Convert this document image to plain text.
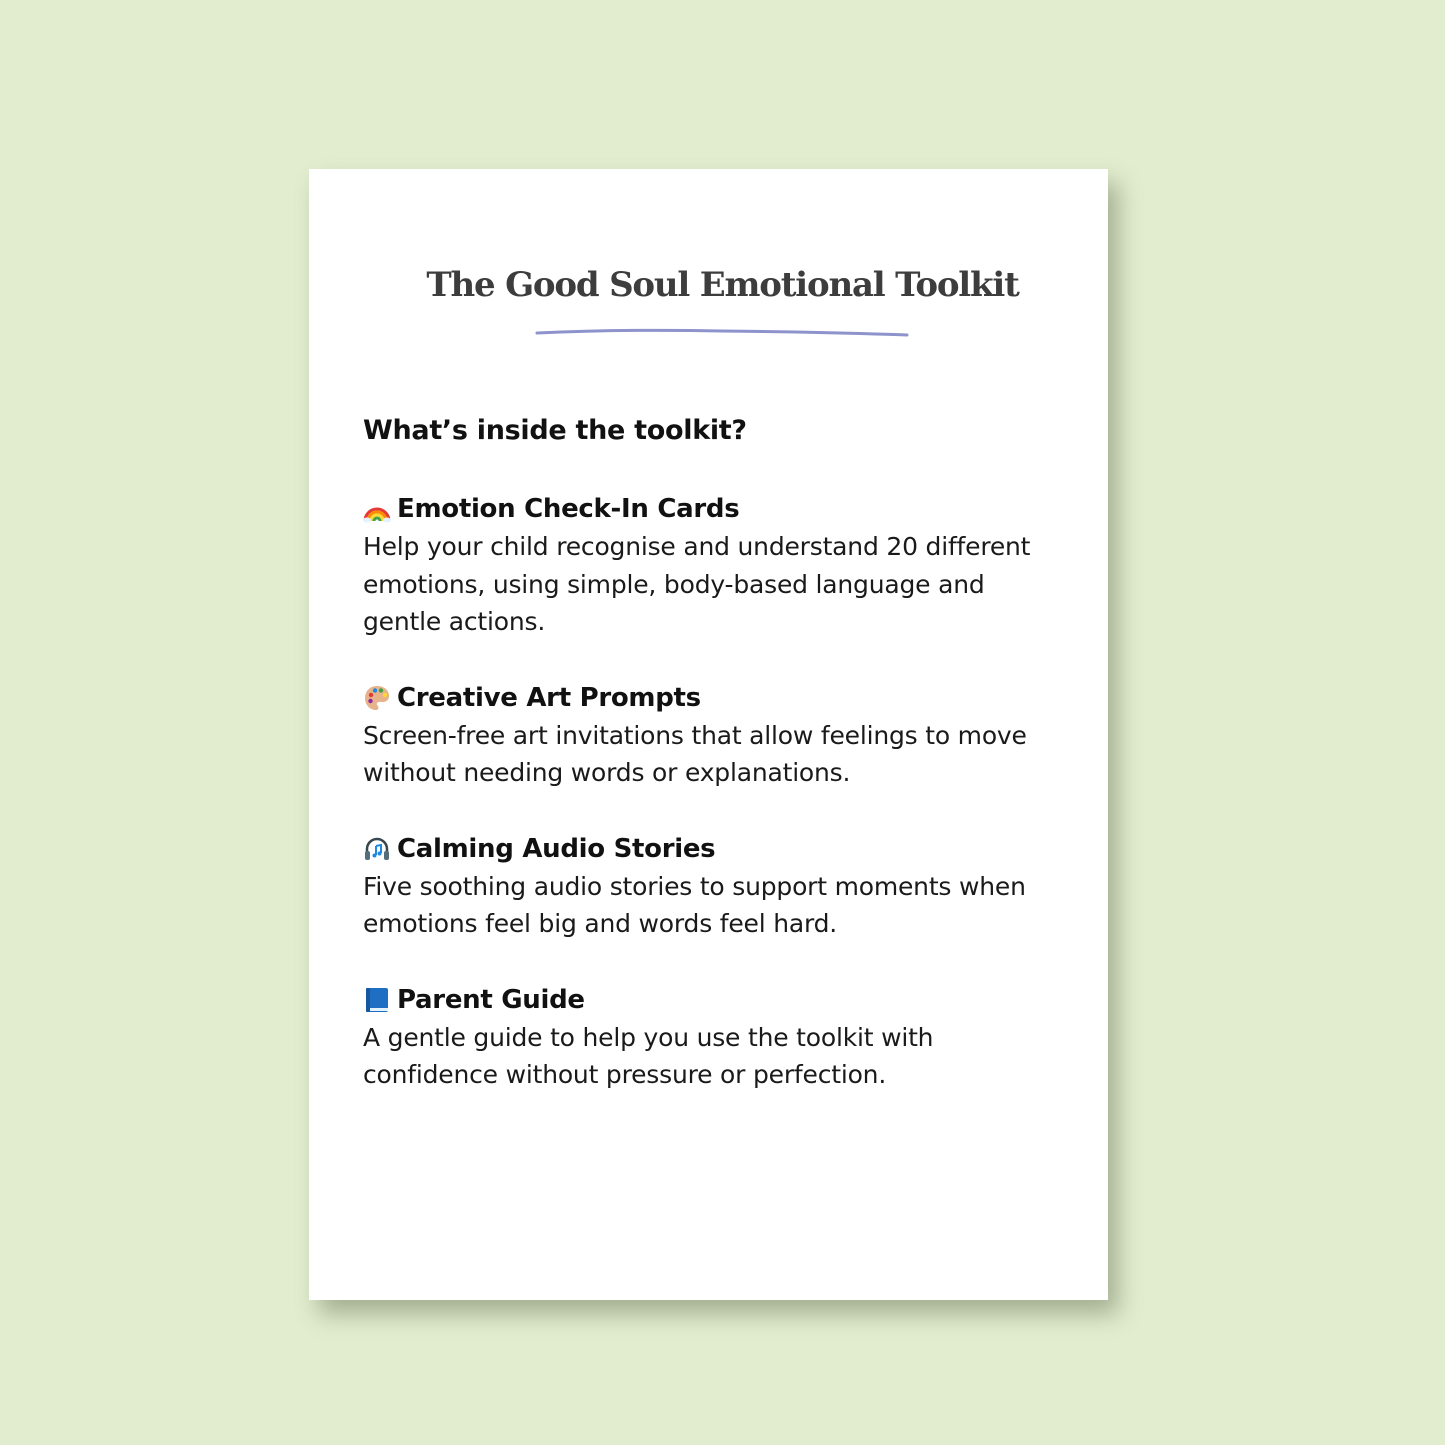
The Good Soul Emotional Toolkit
What’s inside the toolkit?
Emotion Check-In Cards

Help your child recognise and understand 20 different emotions, using simple, body-based language and gentle actions.

Creative Art Prompts

Screen-free art invitations that allow feelings to move without needing words or explanations.

Calming Audio Stories

Five soothing audio stories to support moments when emotions feel big and words feel hard.

Parent Guide

A gentle guide to help you use the toolkit with confidence without pressure or perfection.
